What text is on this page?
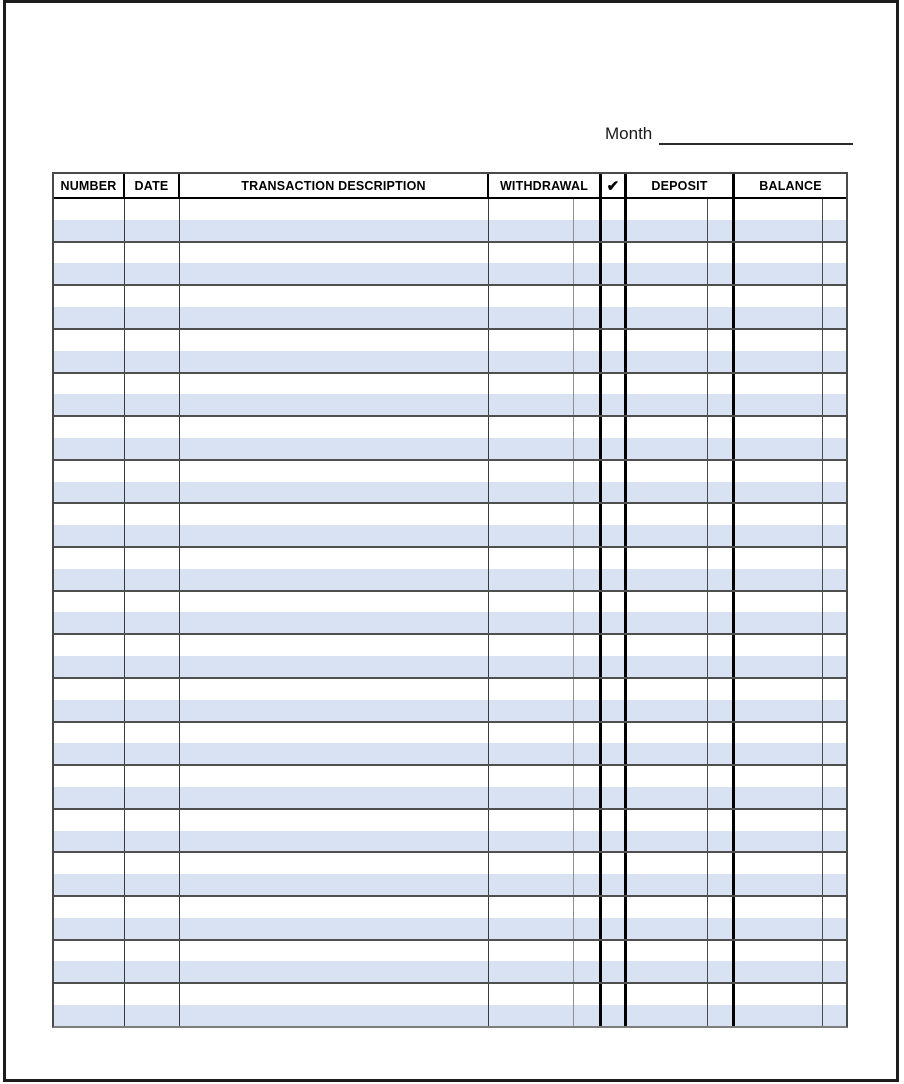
Month
NUMBER	DATE	TRANSACTION DESCRIPTION	WITHDRAWAL	✔	DEPOSIT	BALANCE
